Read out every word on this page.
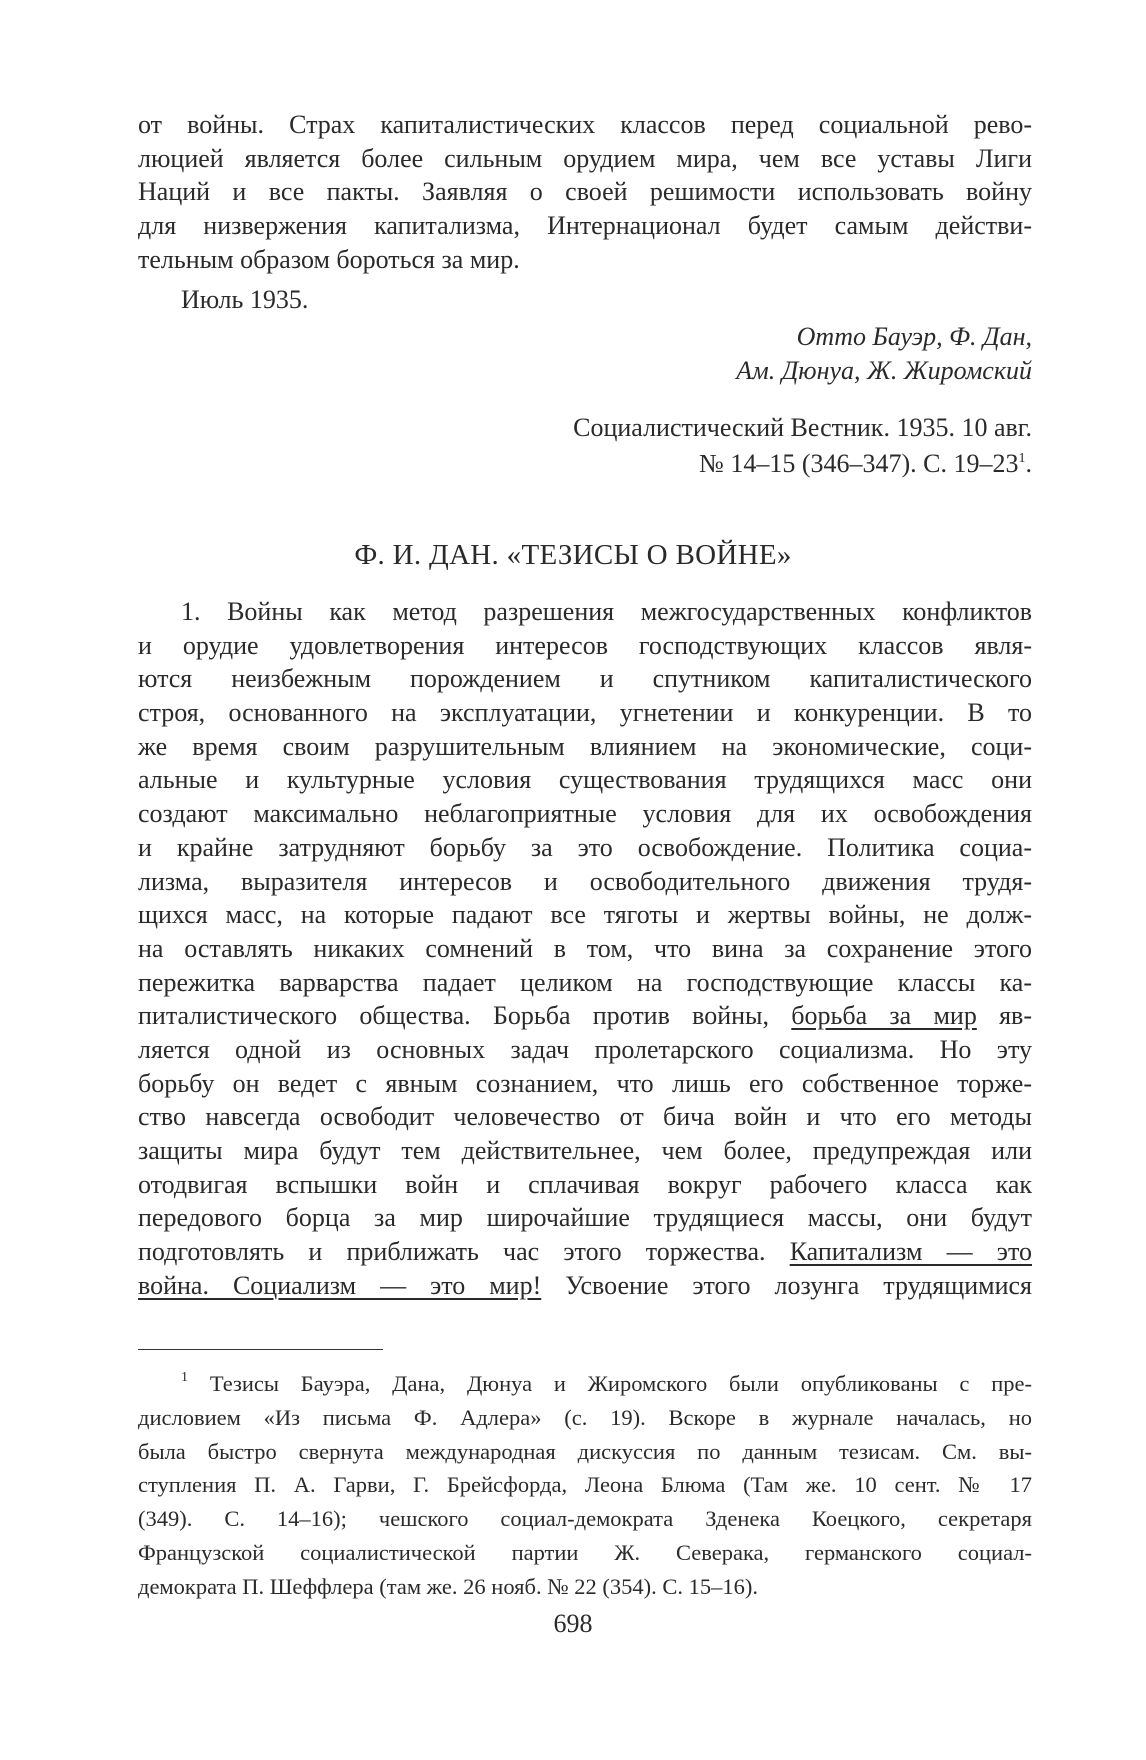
от войны. Страх капиталистических классов перед социальной рево-
люцией является более сильным орудием мира, чем все уставы Лиги
Наций и все пакты. Заявляя о своей решимости использовать войну
для низвержения капитализма, Интернационал будет самым действи-
тельным образом бороться за мир.
Июль 1935.
Отто Бауэр, Ф. Дан,
Ам. Дюнуа, Ж. Жиромский
Социалистический Вестник. 1935. 10 авг.
№ 14–15 (346–347). С. $19-23^1$.
Ф. И. ДАН. «ТЕЗИСЫ О ВОЙНЕ»
1. Войны как метод разрешения межгосударственных конфликтов
и орудие удовлетворения интересов господствующих классов явля-
ются неизбежным порождением и спутником капиталистического
строя, основанного на эксплуатации, угнетении и конкуренции. В то
же время своим разрушительным влиянием на экономические, соци-
альные и культурные условия существования трудящихся масс они
создают максимально неблагоприятные условия для их освобождения
и крайне затрудняют борьбу за это освобождение. Политика социа-
лизма, выразителя интересов и освободительного движения трудя-
щихся масс, на которые падают все тяготы и жертвы войны, не долж-
на оставлять никаких сомнений в том, что вина за сохранение этого
пережитка варварства падает целиком на господствующие классы ка-
питалистического общества. Борьба против войны, борьба за мир яв-
ляется одной из основных задач пролетарского социализма. Но эту
борьбу он ведет с явным сознанием, что лишь его собственное торже-
ство навсегда освободит человечество от бича войн и что его методы
защиты мира будут тем действительнее, чем более, предупреждая или
отодвигая вспышки войн и сплачивая вокруг рабочего класса как
передового борца за мир широчайшие трудящиеся массы, они будут
подготовлять и приближать час этого торжества. Капитализм — это
война. Социализм — это мир! Усвоение этого лозунга трудящимися
$^1$ Тезисы Бауэра, Дана, Дюнуа и Жиромского были опубликованы с пре-
дисловием «Из письма Ф. Адлера» (с. 19). Вскоре в журнале началась, но
была быстро свернута международная дискуссия по данным тезисам. См. вы-
ступления П. А. Гарви, Г. Брейсфорда, Леона Блюма (Там же. 10 сент. № 17
(349). С. 14–16); чешского социал-демократа Зденека Коецкого, секретаря
Французской социалистической партии Ж. Северака, германского социал-
демократа П. Шеффлера (там же. 26 нояб. № 22 (354). С. 15–16).
698
